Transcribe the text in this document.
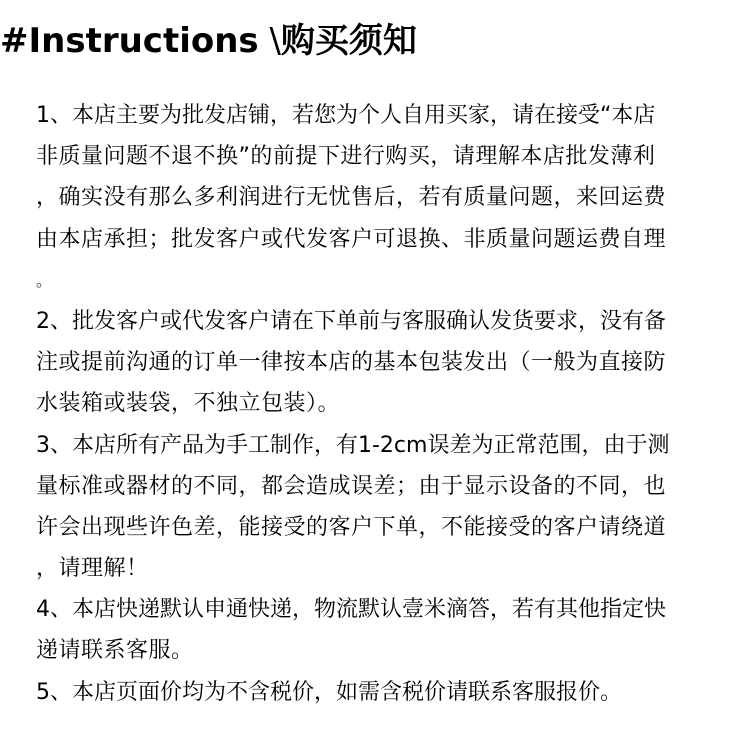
#Instructions \购买须知
1、本店主要为批发店铺，若您为个人自用买家，请在接受“本店
非质量问题不退不换”的前提下进行购买，请理解本店批发薄利
，确实没有那么多利润进行无忧售后，若有质量问题，来回运费
由本店承担；批发客户或代发客户可退换、非质量问题运费自理
。
2、批发客户或代发客户请在下单前与客服确认发货要求，没有备
注或提前沟通的订单一律按本店的基本包装发出（一般为直接防
水装箱或装袋，不独立包装）。
3、本店所有产品为手工制作，有1-2cm误差为正常范围，由于测
量标准或器材的不同，都会造成误差；由于显示设备的不同，也
许会出现些许色差，能接受的客户下单，不能接受的客户请绕道
，请理解！
4、本店快递默认申通快递，物流默认壹米滴答，若有其他指定快
递请联系客服。
5、本店页面价均为不含税价，如需含税价请联系客服报价。
